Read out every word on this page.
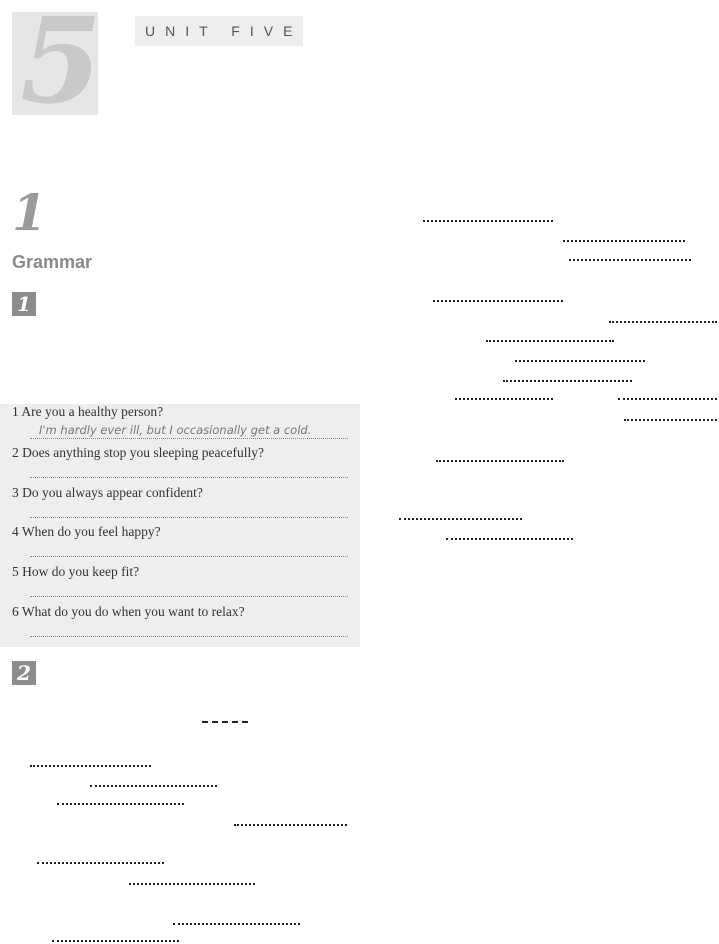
5	UNIT FIVE
1
Grammar
1
1 Are you a healthy person?
I'm hardly ever ill, but I occasionally get a cold.
2 Does anything stop you sleeping peacefully?
3 Do you always appear confident?
4 When do you feel happy?
5 How do you keep fit?
6 What do you do when you want to relax?
2
